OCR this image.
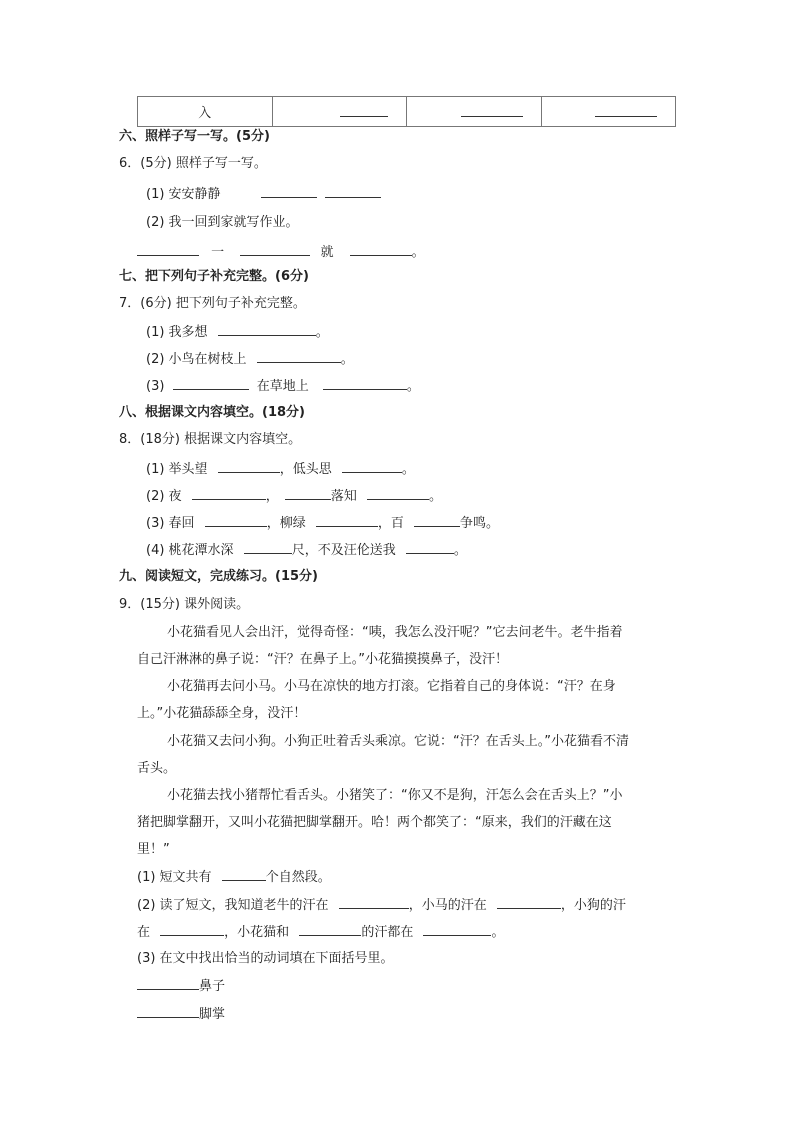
入	

六、照样子写一写。(5分)
6．(5分) 照样子写一写。
(1) 安安静静
(2) 我一回到家就写作业。
一	就	。
七、把下列句子补充完整。(6分)
7．(6分) 把下列句子补充完整。
(1) 我多想	。
(2) 小鸟在树枝上	。
(3)	在草地上	。
八、根据课文内容填空。(18分)
8．(18分) 根据课文内容填空。
(1) 举头望	，低头思	。
(2) 夜	，	落知	。
(3) 春回	，柳绿	，百	争鸣。
(4) 桃花潭水深	尺，不及汪伦送我	。
九、阅读短文，完成练习。(15分)
9．(15分) 课外阅读。
小花猫看见人会出汗，觉得奇怪：“咦，我怎么没汗呢？”它去问老牛。老牛指着
自己汗淋淋的鼻子说：“汗？在鼻子上。”小花猫摸摸鼻子，没汗！
小花猫再去问小马。小马在凉快的地方打滚。它指着自己的身体说：“汗？在身
上。”小花猫舔舔全身，没汗！
小花猫又去问小狗。小狗正吐着舌头乘凉。它说：“汗？在舌头上。”小花猫看不清
舌头。
小花猫去找小猪帮忙看舌头。小猪笑了：“你又不是狗，汗怎么会在舌头上？”小
猪把脚掌翻开，又叫小花猫把脚掌翻开。哈！两个都笑了：“原来，我们的汗藏在这
里！”
(1) 短文共有	个自然段。
(2) 读了短文，我知道老牛的汗在	，小马的汗在	，小狗的汗
在	，小花猫和	的汗都在	。
(3) 在文中找出恰当的动词填在下面括号里。
鼻子
脚掌
